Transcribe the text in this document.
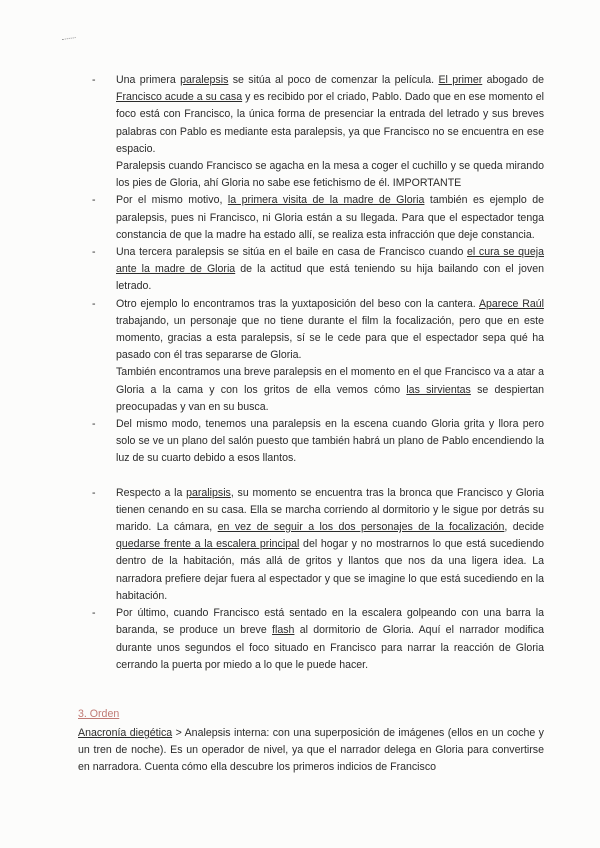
- Una primera paralepsis se sitúa al poco de comenzar la película. El primer abogado de Francisco acude a su casa y es recibido por el criado, Pablo. Dado que en ese momento el foco está con Francisco, la única forma de presenciar la entrada del letrado y sus breves palabras con Pablo es mediante esta paralepsis, ya que Francisco no se encuentra en ese espacio.

Paralepsis cuando Francisco se agacha en la mesa a coger el cuchillo y se queda mirando los pies de Gloria, ahí Gloria no sabe ese fetichismo de él. IMPORTANTE

- Por el mismo motivo, la primera visita de la madre de Gloria también es ejemplo de paralepsis, pues ni Francisco, ni Gloria están a su llegada. Para que el espectador tenga constancia de que la madre ha estado allí, se realiza esta infracción que deje constancia.

- Una tercera paralepsis se sitúa en el baile en casa de Francisco cuando el cura se queja ante la madre de Gloria de la actitud que está teniendo su hija bailando con el joven letrado.

- Otro ejemplo lo encontramos tras la yuxtaposición del beso con la cantera. Aparece Raúl trabajando, un personaje que no tiene durante el film la focalización, pero que en este momento, gracias a esta paralepsis, sí se le cede para que el espectador sepa qué ha pasado con él tras separarse de Gloria.

También encontramos una breve paralepsis en el momento en el que Francisco va a atar a Gloria a la cama y con los gritos de ella vemos cómo las sirvientas se despiertan preocupadas y van en su busca.

- Del mismo modo, tenemos una paralepsis en la escena cuando Gloria grita y llora pero solo se ve un plano del salón puesto que también habrá un plano de Pablo encendiendo la luz de su cuarto debido a esos llantos.

- Respecto a la paralipsis, su momento se encuentra tras la bronca que Francisco y Gloria tienen cenando en su casa. Ella se marcha corriendo al dormitorio y le sigue por detrás su marido. La cámara, en vez de seguir a los dos personajes de la focalización, decide quedarse frente a la escalera principal del hogar y no mostrarnos lo que está sucediendo dentro de la habitación, más allá de gritos y llantos que nos da una ligera idea. La narradora prefiere dejar fuera al espectador y que se imagine lo que está sucediendo en la habitación.

- Por último, cuando Francisco está sentado en la escalera golpeando con una barra la baranda, se produce un breve flash al dormitorio de Gloria. Aquí el narrador modifica durante unos segundos el foco situado en Francisco para narrar la reacción de Gloria cerrando la puerta por miedo a lo que le puede hacer.

3. Orden
Anacronía diegética > Analepsis interna: con una superposición de imágenes (ellos en un coche y un tren de noche). Es un operador de nivel, ya que el narrador delega en Gloria para convertirse en narradora. Cuenta cómo ella descubre los primeros indicios de Francisco
